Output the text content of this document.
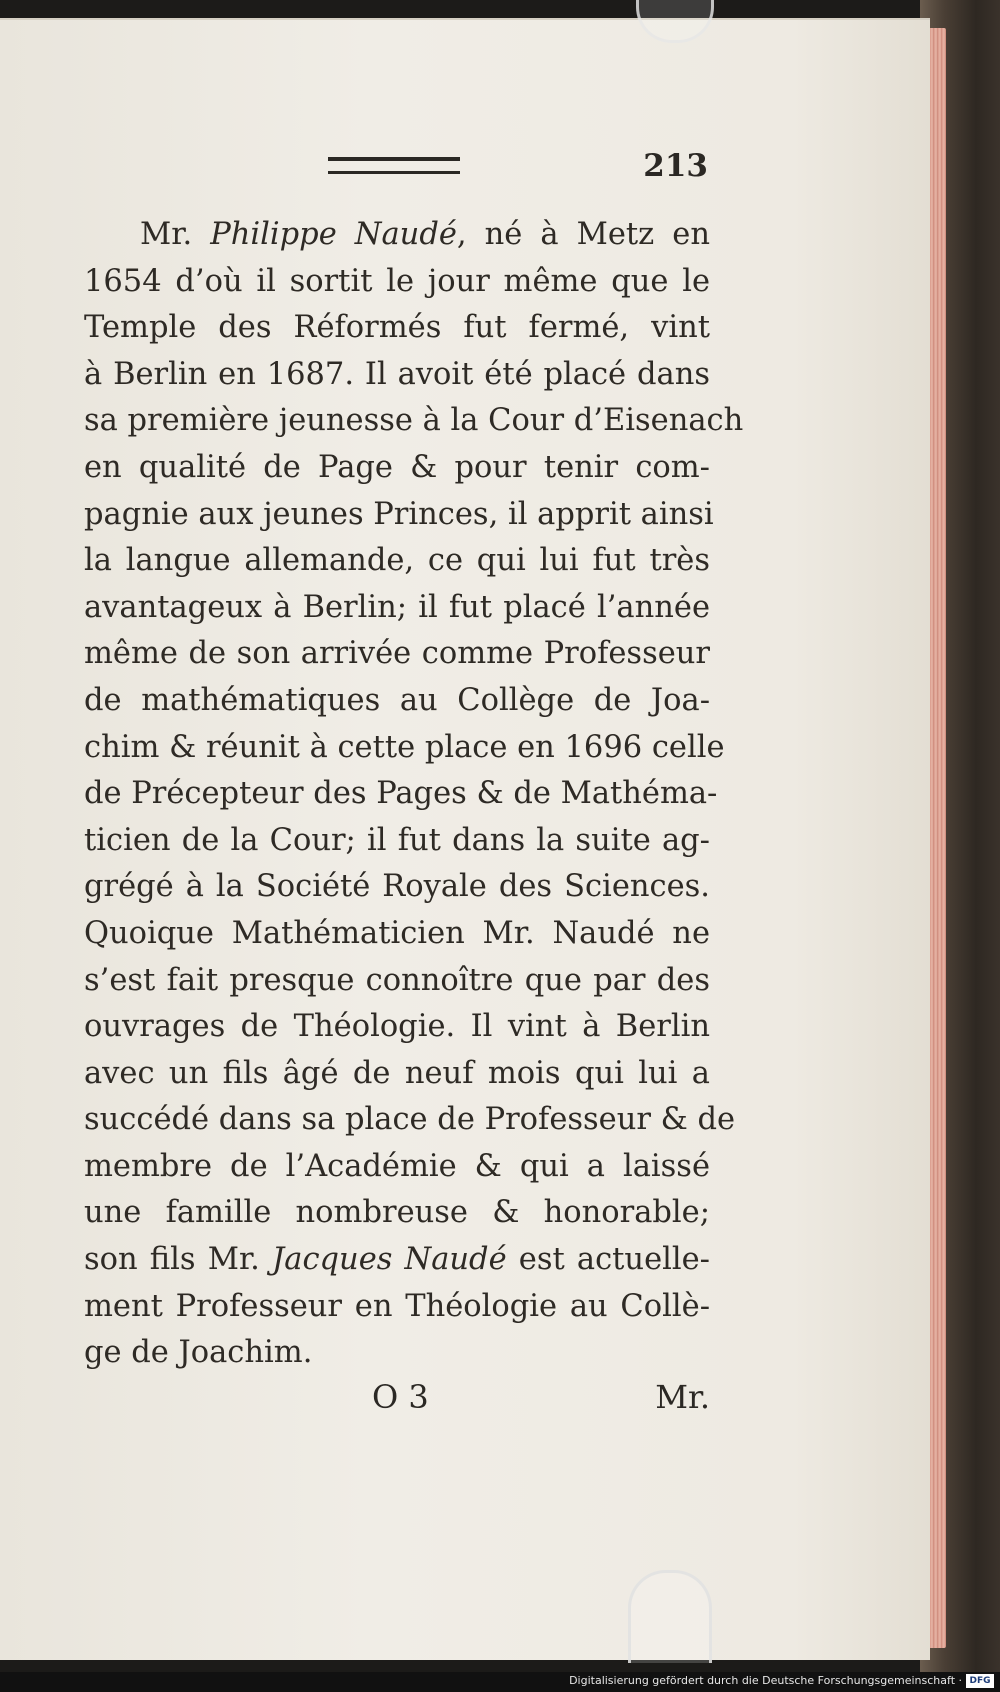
213
Mr. Philippe Naudé, né à Metz en
1654 d’où il sortit le jour même que le
Temple des Réformés fut fermé, vint
à Berlin en 1687. Il avoit été placé dans
sa première jeunesse à la Cour d’Eisenach
en qualité de Page & pour tenir com-
pagnie aux jeunes Princes, il apprit ainsi
la langue allemande, ce qui lui fut très
avantageux à Berlin; il fut placé l’année
même de son arrivée comme Professeur
de mathématiques au Collège de Joa-
chim & réunit à cette place en 1696 celle
de Précepteur des Pages & de Mathéma-
ticien de la Cour; il fut dans la suite ag-
grégé à la Société Royale des Sciences.
Quoique Mathématicien Mr. Naudé ne
s’est fait presque connoître que par des
ouvrages de Théologie. Il vint à Berlin
avec un fils âgé de neuf mois qui lui a
succédé dans sa place de Professeur & de
membre de l’Académie & qui a laissé
une famille nombreuse & honorable;
son fils Mr. Jacques Naudé est actuelle-
ment Professeur en Théologie au Collè-
ge de Joachim.
O 3	Mr.
Digitalisierung gefördert durch die Deutsche Forschungsgemeinschaft · DFG
